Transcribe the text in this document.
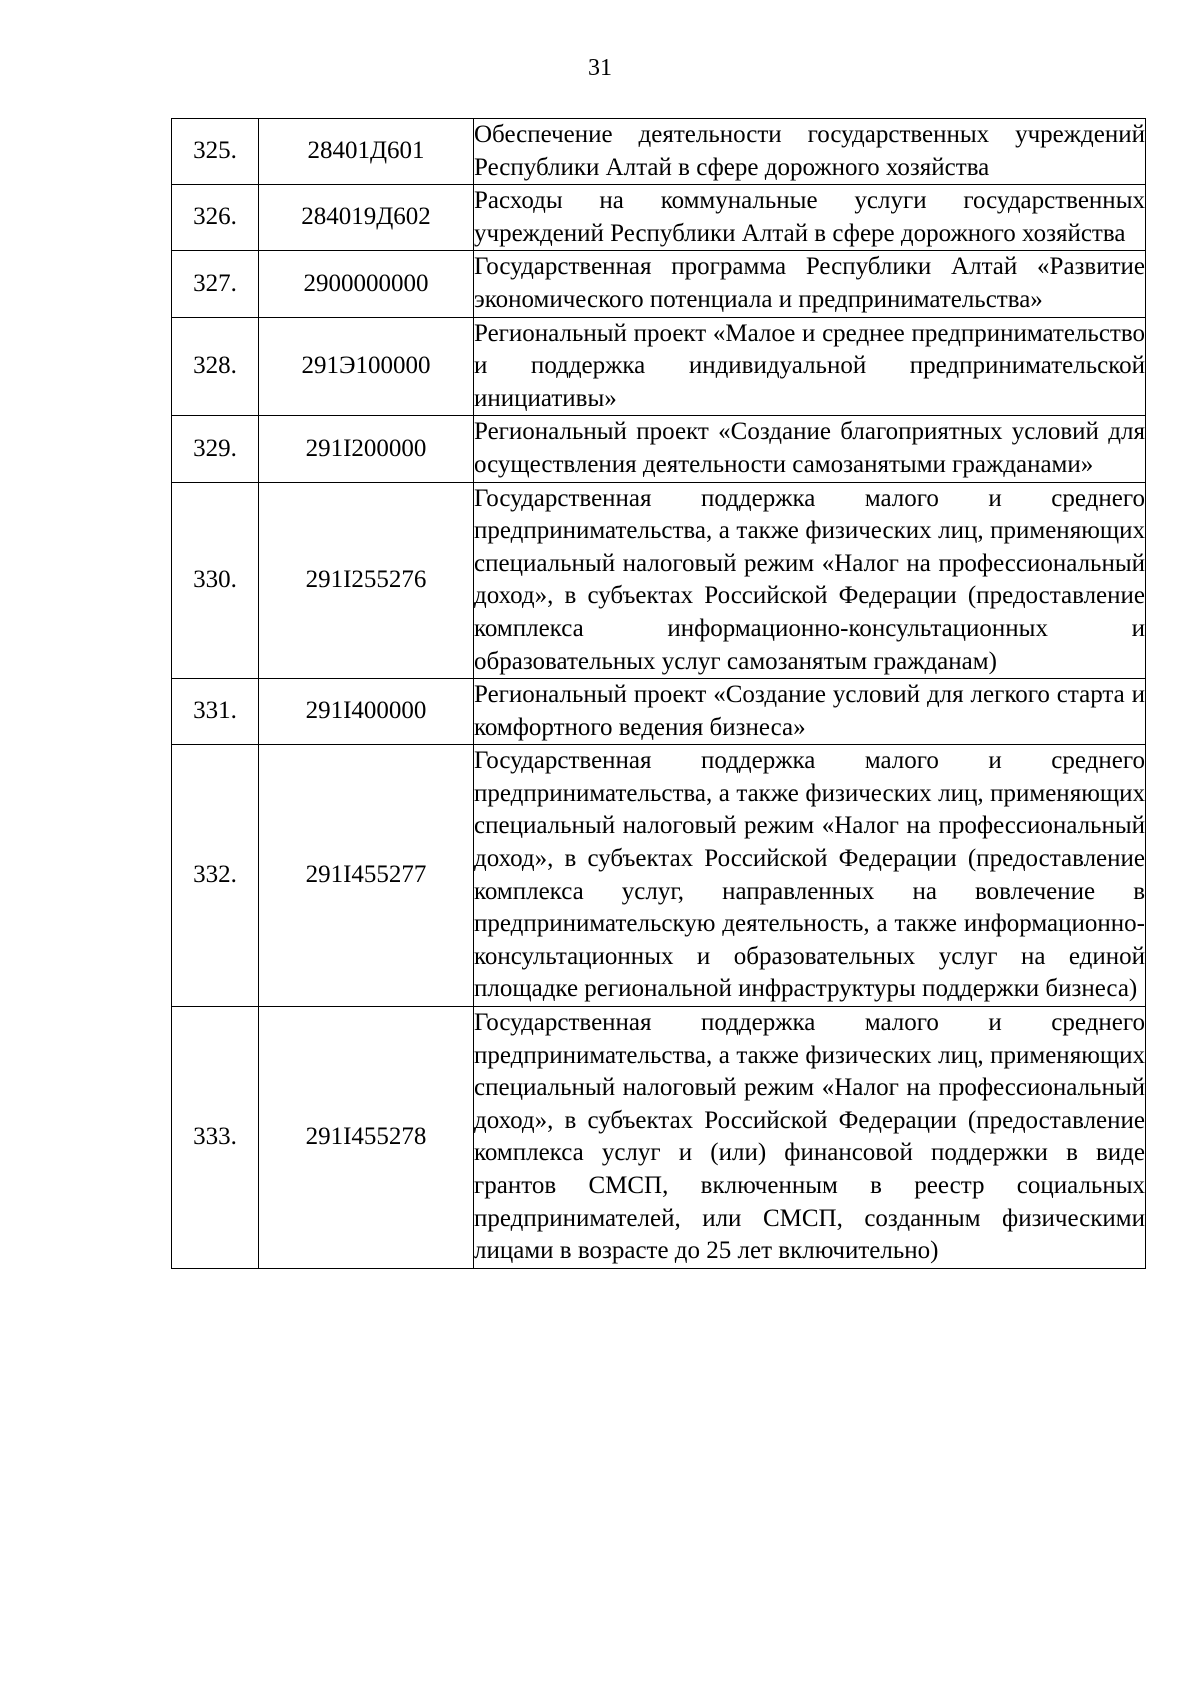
31
325.	28401Д601	Обеспечение деятельности государственных учреждений Республики Алтай в сфере дорожного хозяйства

326.	284019Д602	Расходы на коммунальные услуги государственных учреждений Республики Алтай в сфере дорожного хозяйства

327.	2900000000	Государственная программа Республики Алтай «Развитие экономического потенциала и предпринимательства»

328.	291Э100000	Региональный проект «Малое и среднее предпринимательство и поддержка индивидуальной предпринимательской инициативы»

329.	291I200000	Региональный проект «Создание благоприятных условий для осуществления деятельности самозанятыми гражданами»

330.	291I255276	Государственная поддержка малого и среднего предпринимательства, а также физических лиц, применяющих специальный налоговый режим «Налог на профессиональный доход», в субъектах Российской Федерации (предоставление комплекса информационно-консультационных и образовательных услуг самозанятым гражданам)

331.	291I400000	Региональный проект «Создание условий для легкого старта и комфортного ведения бизнеса»

332.	291I455277	Государственная поддержка малого и среднего предпринимательства, а также физических лиц, применяющих специальный налоговый режим «Налог на профессиональный доход», в субъектах Российской Федерации (предоставление комплекса услуг, направленных на вовлечение в предпринимательскую деятельность, а также информационно-консультационных и образовательных услуг на единой площадке региональной инфраструктуры поддержки бизнеса)

333.	291I455278	Государственная поддержка малого и среднего предпринимательства, а также физических лиц, применяющих специальный налоговый режим «Налог на профессиональный доход», в субъектах Российской Федерации (предоставление комплекса услуг и (или) финансовой поддержки в виде грантов СМСП, включенным в реестр социальных предпринимателей, или СМСП, созданным физическими лицами в возрасте до 25 лет включительно)
